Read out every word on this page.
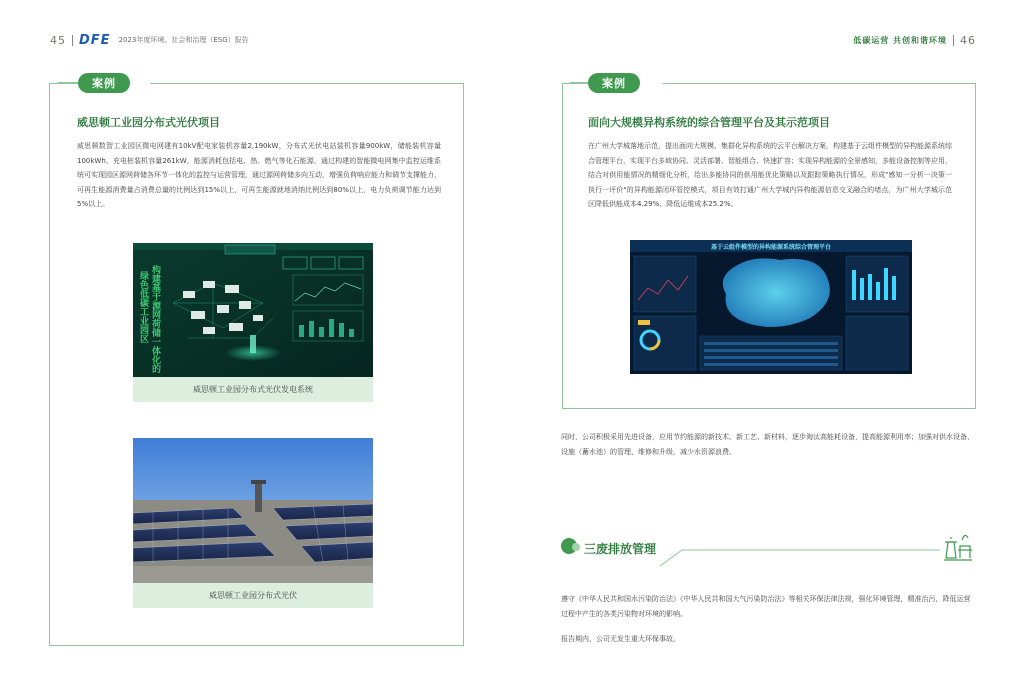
45 DFE 2023年度环境、社会和治理（ESG）报告	低碳运营 共创和谐环境 46
案例
威思顿工业园分布式光伏项目
威思顿数智工业园区微电网建有10kV配电家装机容量2,190kW，分布式光伏电站装机容量900kW，储能装机容量100kWh，充电桩装机容量261kW，能源消耗包括电、热、燃气等化石能源，通过构建的智能微电网集中监控运维系统可实现园区源网荷储各环节一体化的监控与运营管理，通过源网荷储多向互动，增强负荷响应能力和调节支撑能力，可再生能源消费量占消费总量的比例达到15%以上，可再生能源就地消纳比例达到80%以上，电力负荷调节能力达到5%以上。
构建基于源网荷储一体化的
绿色低碳工业园区
威思顿工业园分布式光伏发电系统
威思顿工业园分布式光伏
案例
面向大规模异构系统的综合管理平台及其示范项目
在广州大学城落地示范，提出面向大规模、集群化异构系统的云平台解决方案，构建基于云组件模型的异构能源系统综合管理平台，实现平台多域协同、灵活部署、智能组合、快速扩容；实现异构能源的全景感知，多能设备控制等应用，结合对供用能情况的精细化分析，给出多能协同的供用能优化策略以及跟踪策略执行情况，形成"感知一分析一决策一执行一评价"的异构能源闭环管控模式，项目有效打通广州大学城内异构能源信息交叉融合的堵点，为广州大学城示范区降低供能成本4.29%、降低运维成本25.2%。
基于云组件模型的异构能源系统综合管理平台
同时，公司积极采用先进设备，应用节约能源的新技术、新工艺、新材料，逐步淘汰高能耗设备，提高能源利用率；加强对供水设备、设施（蓄水池）的管理、维修和升级，减少水资源浪费。
三废排放管理
遵守《中华人民共和国水污染防治法》《中华人民共和国大气污染防治法》等相关环保法律法规，强化环境管理，精准治污，降低运营过程中产生的各类污染物对环境的影响。
报告期内，公司无发生重大环保事故。
